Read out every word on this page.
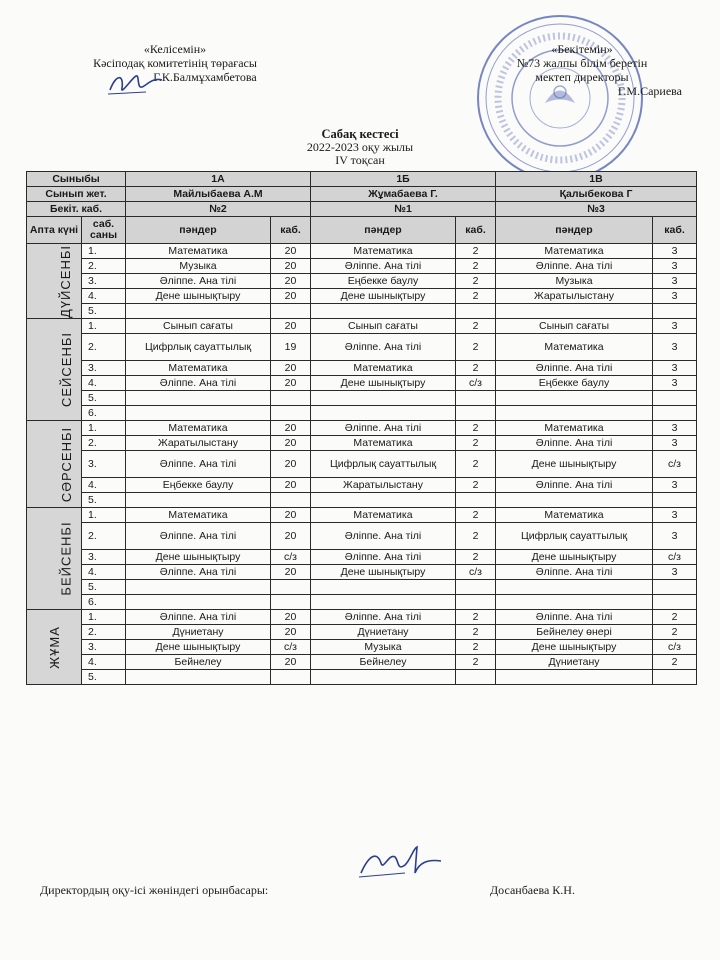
«Келісемін»
Кәсіподақ комитетінің төрағасы
Г.К.Балмұхамбетова
«Бекітемін»
№73 жалпы білім беретін
мектеп директоры
Г.М.Сариева
Сабақ кестесі
2022-2023 оқу жылы
IV тоқсан
Сыныбы		1А		1Б		1В	
Сынып жет.		Майлыбаева А.М		Жұмабаева Г.		Қалыбекова Г	
Бекіт. каб.		№2		№1		№3	
Апта күні	саб. саны	пәндер	каб.	пәндер	каб.	пәндер	каб.
ДҮЙСЕНБІ	1.	Математика	20	Математика	2	Математика	3
	2.	Музыка	20	Әліппе. Ана тілі	2	Әліппе. Ана тілі	3
	3.	Әліппе. Ана тілі	20	Еңбекке баулу	2	Музыка	3
	4.	Дене шынықтыру	20	Дене шынықтыру	2	Жаратылыстану	3
	5.						
СЕЙСЕНБІ	1.	Сынып сағаты	20	Сынып сағаты	2	Сынып сағаты	3
	2.	Цифрлық сауаттылық	19	Әліппе. Ана тілі	2	Математика	3
	3.	Математика	20	Математика	2	Әліппе. Ана тілі	3
	4.	Әліппе. Ана тілі	20	Дене шынықтыру	с/з	Еңбекке баулу	3
	5.						
	6.						
СӘРСЕНБІ	1.	Математика	20	Әліппе. Ана тілі	2	Математика	3
	2.	Жаратылыстану	20	Математика	2	Әліппе. Ана тілі	3
	3.	Әліппе. Ана тілі	20	Цифрлық сауаттылық	2	Дене шынықтыру	с/з
	4.	Еңбекке баулу	20	Жаратылыстану	2	Әліппе. Ана тілі	3
	5.						
БЕЙСЕНБІ	1.	Математика	20	Математика	2	Математика	3
	2.	Әліппе. Ана тілі	20	Әліппе. Ана тілі	2	Цифрлық сауаттылық	3
	3.	Дене шынықтыру	с/з	Әліппе. Ана тілі	2	Дене шынықтыру	с/з
	4.	Әліппе. Ана тілі	20	Дене шынықтыру	с/з	Әліппе. Ана тілі	3
	5.						
	6.						
ЖҰМА	1.	Әліппе. Ана тілі	20	Әліппе. Ана тілі	2	Әліппе. Ана тілі	2
	2.	Дүниетану	20	Дүниетану	2	Бейнелеу өнері	2
	3.	Дене шынықтыру	с/з	Музыка	2	Дене шынықтыру	с/з
	4.	Бейнелеу	20	Бейнелеу	2	Дүниетану	2
	5.						
Директордың оқу-ісі жөніндегі орынбасары:	Досанбаева К.Н.
